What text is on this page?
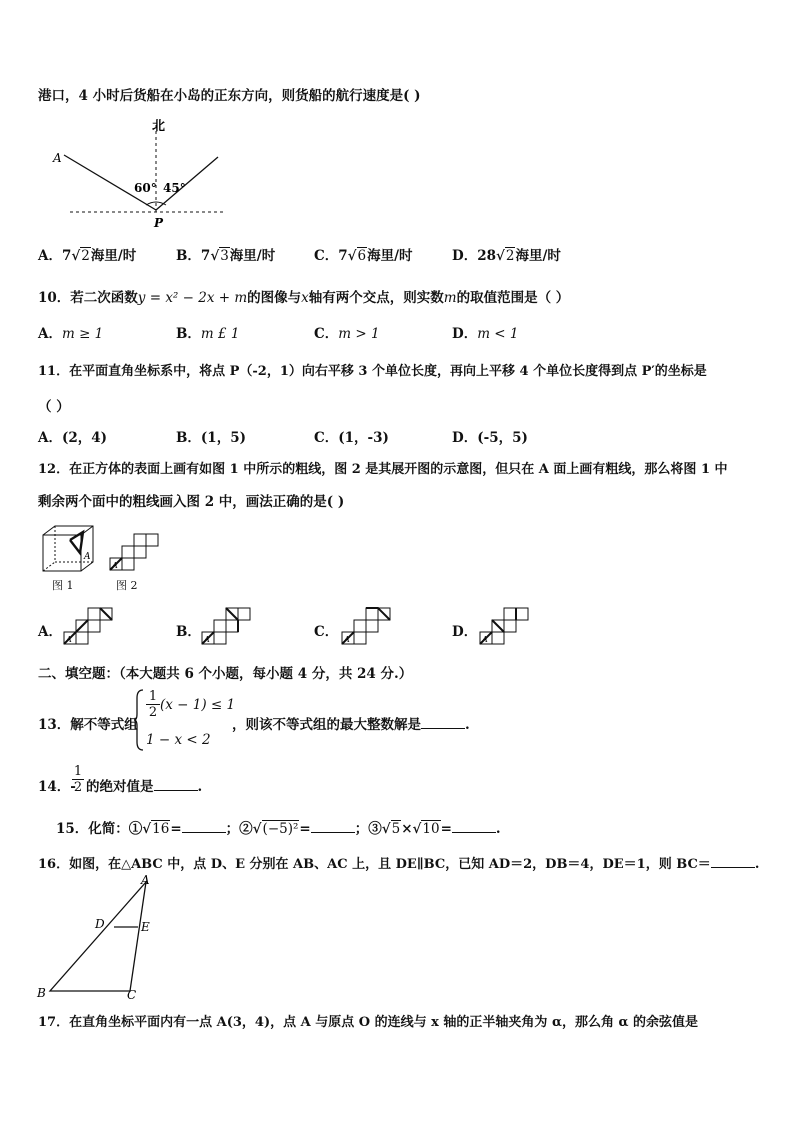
港口，4 小时后货船在小岛的正东方向，则货船的航行速度是( )
北
A
P
60° 45°
A．7√2海里/时	B．7√3海里/时	C．7√6海里/时	D．28√2海里/时
10．若二次函数y = x² − 2x + m的图像与x轴有两个交点，则实数m的取值范围是（ ）
A．m ≥ 1	B．m £ 1	C．m > 1	D．m < 1
11．在平面直角坐标系中，将点 P（-2，1）向右平移 3 个单位长度，再向上平移 4 个单位长度得到点 P′的坐标是
（ ）
A．(2，4)	B．(1，5)	C．(1，-3)	D．(-5，5)
12．在正方体的表面上画有如图 1 中所示的粗线，图 2 是其展开图的示意图，但只在 A 面上画有粗线，那么将图 1 中
剩余两个面中的粗线画入图 2 中，画法正确的是( )
A
图 1
A
图 2
A． A	B． A	C． A	D． A
二、填空题：（本大题共 6 个小题，每小题 4 分，共 24 分.）
13．解不等式组
1
2 (x − 1) ≤ 1
1 − x < 2
，则该不等式组的最大整数解是	.
14．-
1
2 的绝对值是	.
15．化简：①√16=	；②√(−5)²=	；③√5×√10=	.
16．如图，在△ABC 中，点 D、E 分别在 AB、AC 上，且 DE∥BC，已知 AD＝2，DB＝4，DE＝1，则 BC＝	.
A
B	C
D	E
17．在直角坐标平面内有一点 A(3，4)，点 A 与原点 O 的连线与 x 轴的正半轴夹角为 α，那么角 α 的余弦值是
